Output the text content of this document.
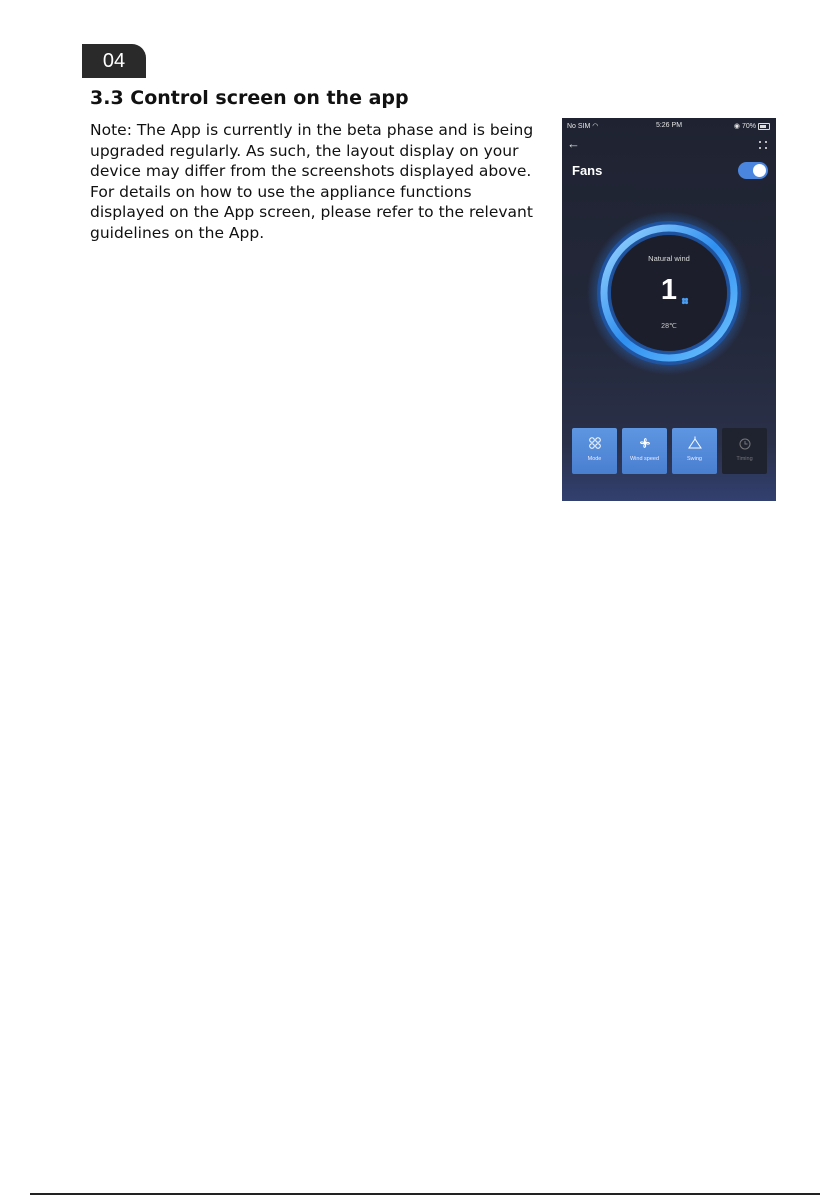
04
3.3 Control screen on the app

Note: The App is currently in the beta phase and is being upgraded regularly. As such, the layout display on your device may differ from the screenshots displayed above. For details on how to use the appliance functions displayed on the App screen, please refer to the relevant guidelines on the App.

No SIM ◠	5:26 PM	◉ 70%
←
Fans
Natural wind
1
28℃
Mode	Wind speed	Swing	Timing
